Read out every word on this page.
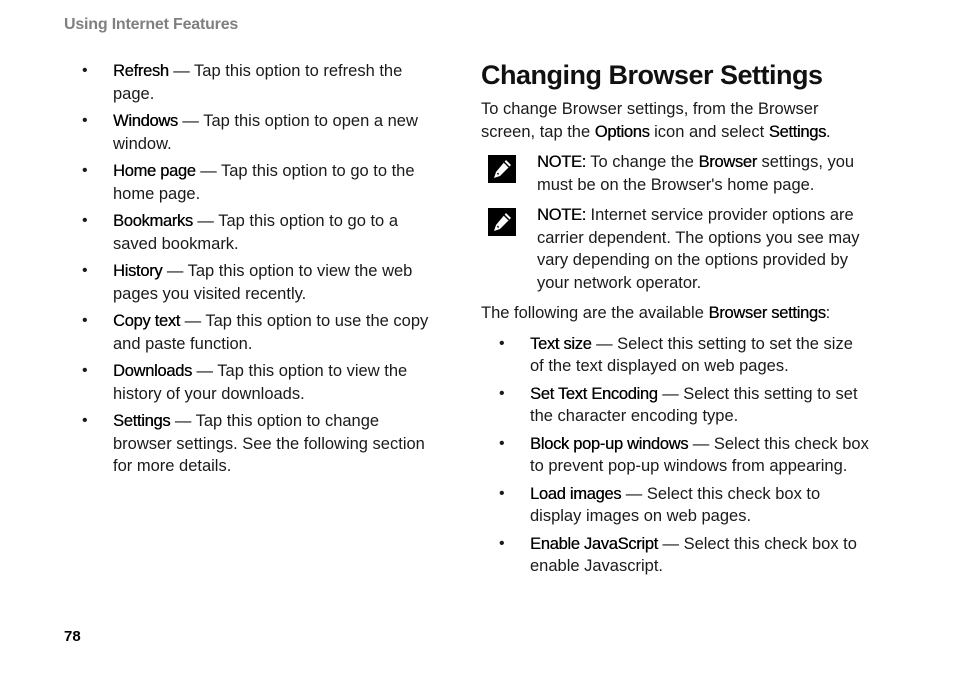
Using Internet Features
• Refresh — Tap this option to refresh the page.
• Windows — Tap this option to open a new window.
• Home page — Tap this option to go to the home page.
• Bookmarks — Tap this option to go to a saved bookmark.
• History — Tap this option to view the web pages you visited recently.
• Copy text — Tap this option to use the copy and paste function.
• Downloads — Tap this option to view the history of your downloads.
• Settings — Tap this option to change browser settings. See the following section for more details.
Changing Browser Settings

To change Browser settings, from the Browser screen, tap the Options icon and select Settings.

NOTE: To change the Browser settings, you must be on the Browser's home page.
NOTE: Internet service provider options are carrier dependent. The options you see may vary depending on the options provided by your network operator.

The following are the available Browser settings:

• Text size — Select this setting to set the size of the text displayed on web pages.
• Set Text Encoding — Select this setting to set the character encoding type.
• Block pop-up windows — Select this check box to prevent pop-up windows from appearing.
• Load images — Select this check box to display images on web pages.
• Enable JavaScript — Select this check box to enable Javascript.
78
